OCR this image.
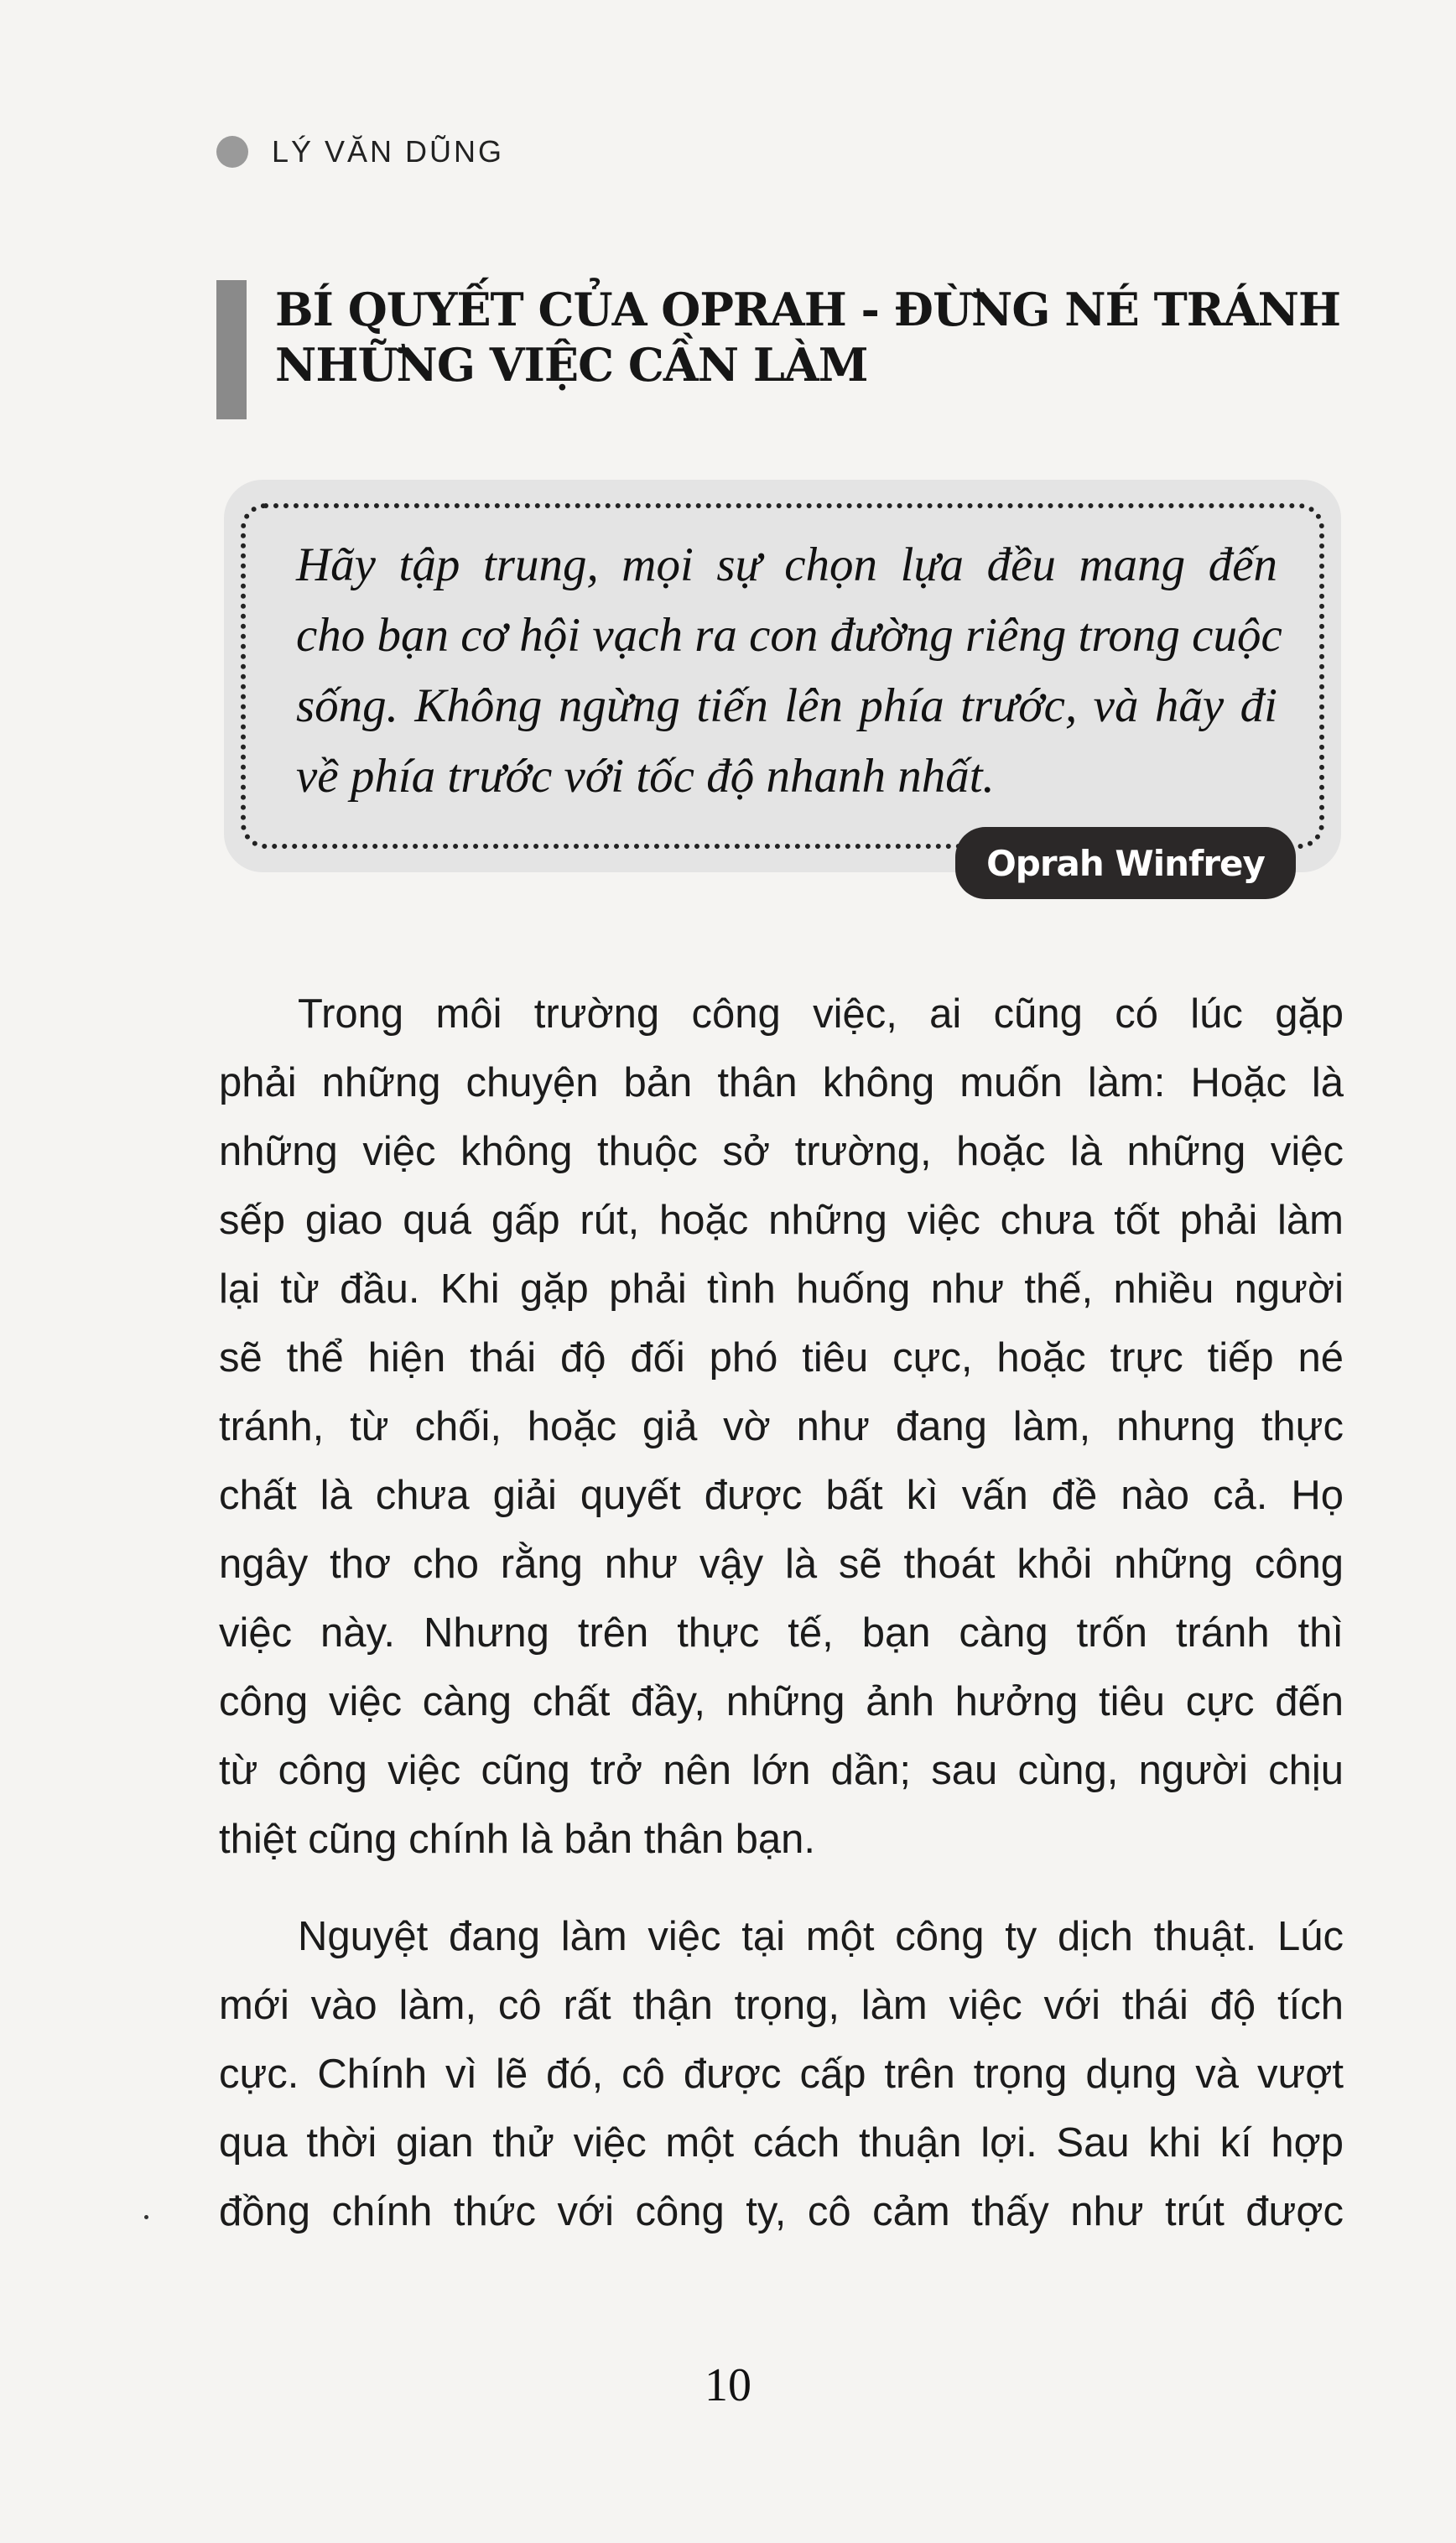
LÝ VĂN DŨNG
BÍ QUYẾT CỦA OPRAH - ĐỪNG NÉ TRÁNH
NHỮNG VIỆC CẦN LÀM
Hãy tập trung, mọi sự chọn lựa đều mang đến
cho bạn cơ hội vạch ra con đường riêng trong cuộc
sống. Không ngừng tiến lên phía trước, và hãy đi
về phía trước với tốc độ nhanh nhất.
Oprah Winfrey
Trong môi trường công việc, ai cũng có lúc gặp
phải những chuyện bản thân không muốn làm: Hoặc là
những việc không thuộc sở trường, hoặc là những việc
sếp giao quá gấp rút, hoặc những việc chưa tốt phải làm
lại từ đầu. Khi gặp phải tình huống như thế, nhiều người
sẽ thể hiện thái độ đối phó tiêu cực, hoặc trực tiếp né
tránh, từ chối, hoặc giả vờ như đang làm, nhưng thực
chất là chưa giải quyết được bất kì vấn đề nào cả. Họ
ngây thơ cho rằng như vậy là sẽ thoát khỏi những công
việc này. Nhưng trên thực tế, bạn càng trốn tránh thì
công việc càng chất đầy, những ảnh hưởng tiêu cực đến
từ công việc cũng trở nên lớn dần; sau cùng, người chịu
thiệt cũng chính là bản thân bạn.
Nguyệt đang làm việc tại một công ty dịch thuật. Lúc
mới vào làm, cô rất thận trọng, làm việc với thái độ tích
cực. Chính vì lẽ đó, cô được cấp trên trọng dụng và vượt
qua thời gian thử việc một cách thuận lợi. Sau khi kí hợp
đồng chính thức với công ty, cô cảm thấy như trút được
10
